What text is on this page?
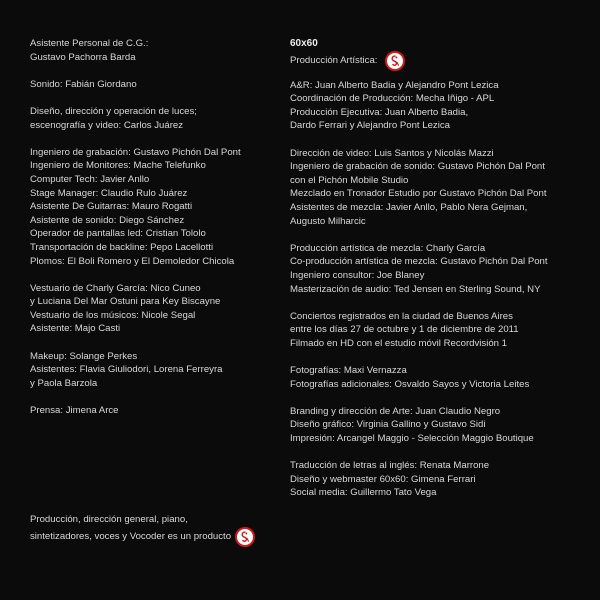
Asistente Personal de C.G.:
Gustavo Pachorra Barda
Sonido: Fabián Giordano
Diseño, dirección y operación de luces;
escenografía y video: Carlos Juárez
Ingeniero de grabación: Gustavo Pichón Dal Pont
Ingeniero de Monitores: Mache Telefunko
Computer Tech: Javier Anllo
Stage Manager: Claudio Rulo Juárez
Asistente De Guitarras: Mauro Rogatti
Asistente de sonido: Diego Sánchez
Operador de pantallas led: Cristian Tololo
Transportación de backline: Pepo Lacellotti
Plomos: El Boli Romero y El Demoledor Chicola
Vestuario de Charly García: Nico Cuneo
y Luciana Del Mar Ostuni para Key Biscayne
Vestuario de los músicos: Nicole Segal
Asistente: Majo Casti
Makeup: Solange Perkes
Asistentes: Flavia Giuliodori, Lorena Ferreyra
y Paola Barzola
Prensa: Jimena Arce
Producción, dirección general, piano,
sintetizadores, voces y Vocoder es un producto
60x60
Producción Artística:
A&R: Juan Alberto Badia y Alejandro Pont Lezica
Coordinación de Producción: Mecha Iñigo - APL
Producción Ejecutiva: Juan Alberto Badia,
Dardo Ferrari y Alejandro Pont Lezica
Dirección de video: Luis Santos y Nicolás Mazzi
Ingeniero de grabación de sonido: Gustavo Pichón Dal Pont
con el Pichón Mobile Studio
Mezclado en Tronador Estudio por Gustavo Pichón Dal Pont
Asistentes de mezcla: Javier Anllo, Pablo Nera Gejman,
Augusto Milharcic
Producción artística de mezcla: Charly García
Co-producción artística de mezcla: Gustavo Pichón Dal Pont
Ingeniero consultor: Joe Blaney
Masterización de audio: Ted Jensen en Sterling Sound, NY
Conciertos registrados en la ciudad de Buenos Aires
entre los días 27 de octubre y 1 de diciembre de 2011
Filmado en HD con el estudio móvil Recordvisión 1
Fotografías: Maxi Vernazza
Fotografías adicionales: Osvaldo Sayos y Victoria Leites
Branding y dirección de Arte: Juan Claudio Negro
Diseño gráfico: Virginia Gallino y Gustavo Sidi
Impresión: Arcangel Maggio - Selección Maggio Boutique
Traducción de letras al inglés: Renata Marrone
Diseño y webmaster 60x60: Gimena Ferrari
Social media: Guillermo Tato Vega
